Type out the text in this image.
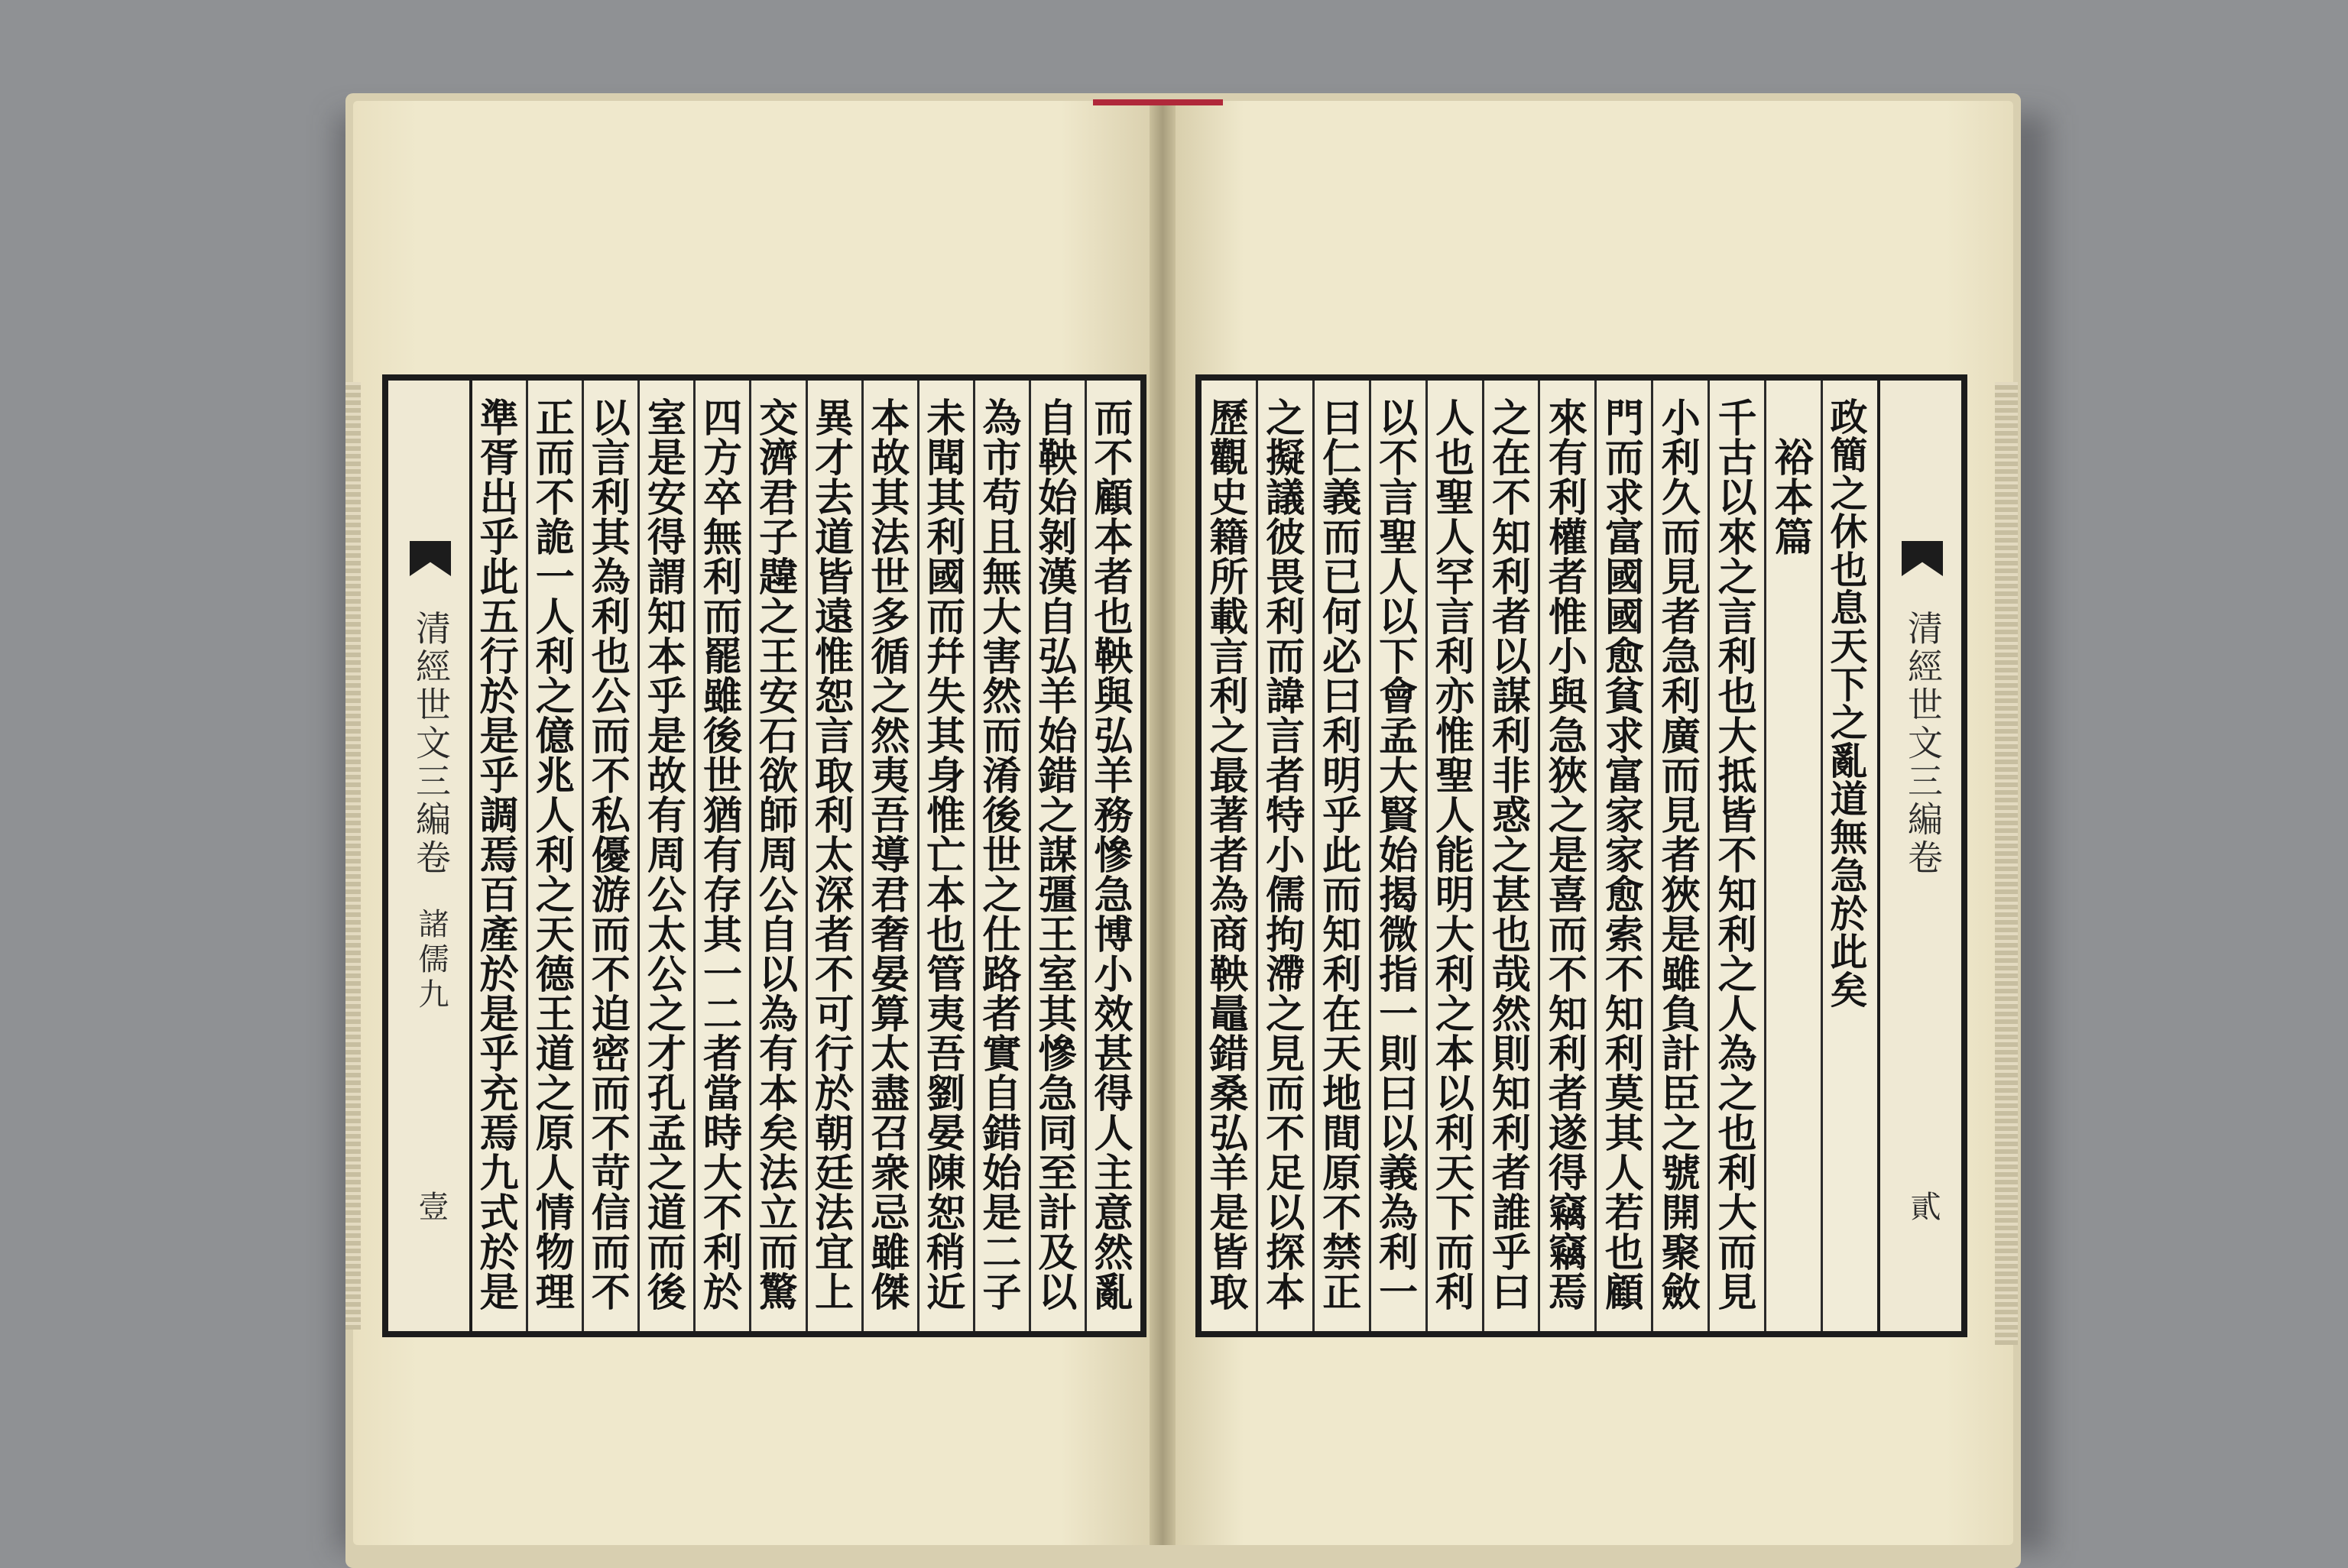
清經世文三編卷
諸儒九
壹
而不顧本者也鞅與弘羊務慘急博小效甚得人主意然亂
自鞅始剝漢自弘羊始錯之謀彊王室其慘急同至計及以
為市苟且無大害然而淆後世之仕路者實自錯始是二子
未聞其利國而幷失其身惟亡本也管夷吾劉晏陳恕稍近
本故其法世多循之然夷吾導君奢晏算太盡召衆忌雖傑
異才去道皆遠惟恕言取利太深者不可行於朝廷法宜上
交濟君子韙之王安石欲師周公自以為有本矣法立而驚
四方卒無利而罷雖後世猶有存其一二者當時大不利於
室是安得謂知本乎是故有周公太公之才孔孟之道而後
以言利其為利也公而不私優游而不迫密而不苛信而不
正而不詭一人利之億兆人利之天德王道之原人情物理
準胥出乎此五行於是乎調焉百產於是乎充焉九式於是
清經世文三編卷
貳
政簡之休也息天下之亂道無急於此矣
裕本篇
千古以來之言利也大抵皆不知利之人為之也利大而見
小利久而見者急利廣而見者狹是雖負計臣之號開聚斂
門而求富國國愈貧求富家家愈索不知利莫其人若也顧
來有利權者惟小與急狹之是喜而不知利者遂得竊竊焉
之在不知利者以謀利非惑之甚也哉然則知利者誰乎曰
人也聖人罕言利亦惟聖人能明大利之本以利天下而利
以不言聖人以下會孟大賢始揭微指一則曰以義為利一
曰仁義而已何必曰利明乎此而知利在天地間原不禁正
之擬議彼畏利而諱言者特小儒拘滯之見而不足以探本
歷觀史籍所載言利之最著者為商鞅鼂錯桑弘羊是皆取
